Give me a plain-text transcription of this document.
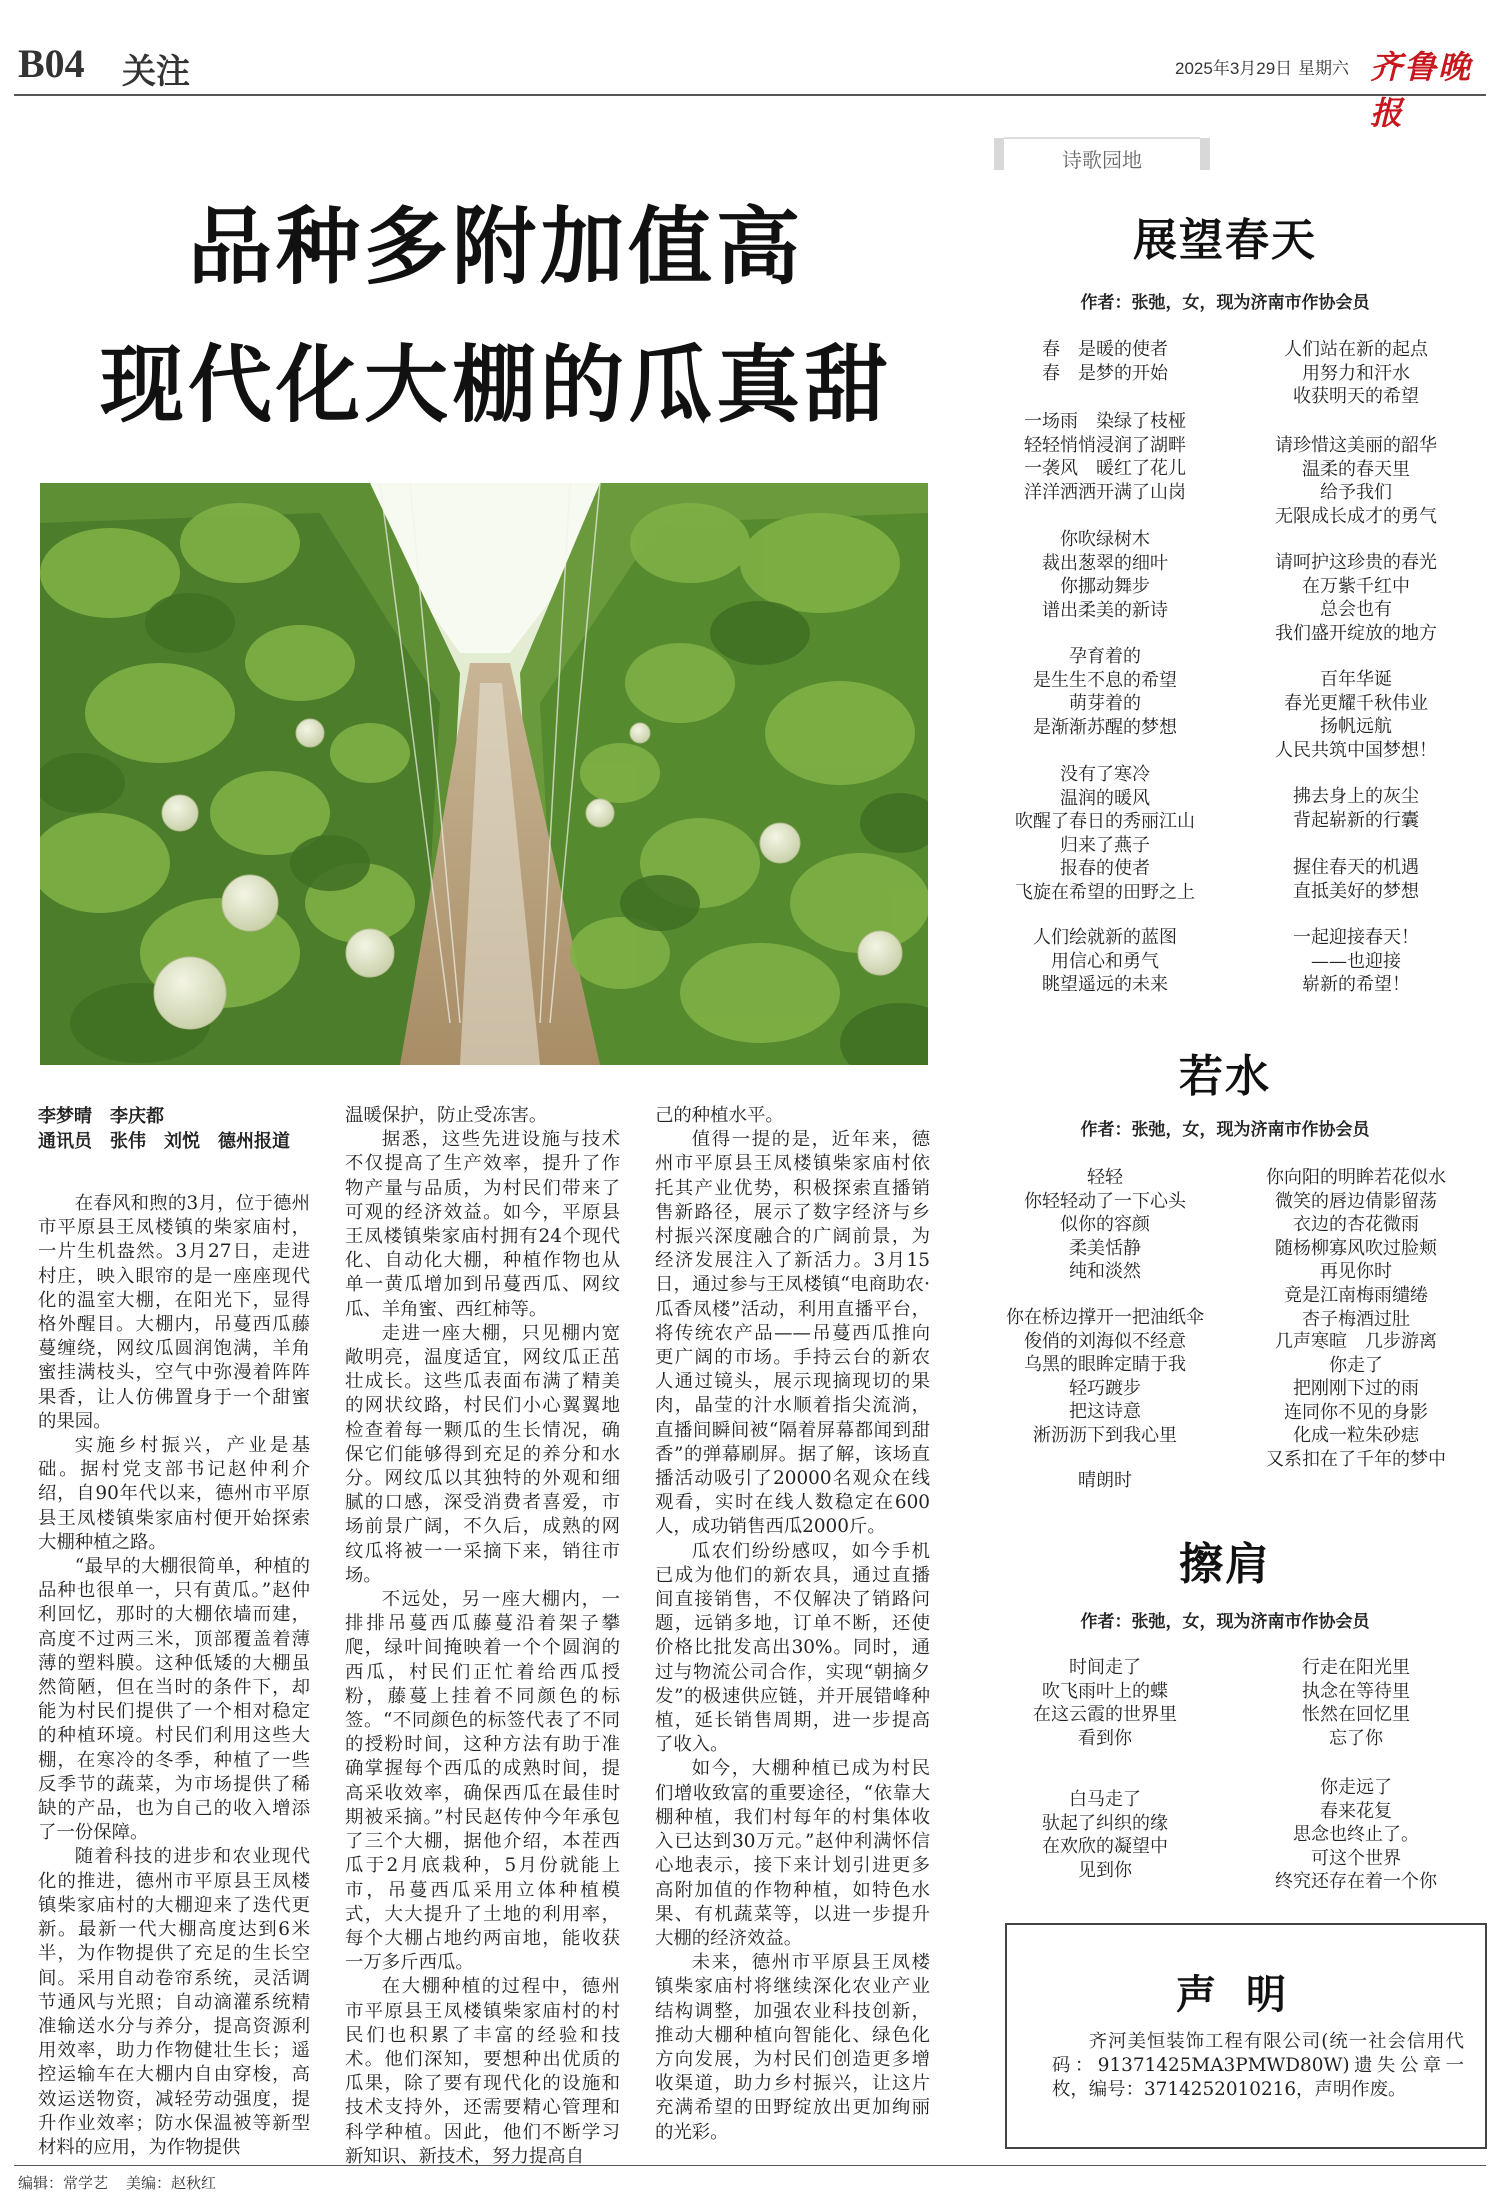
B04 关注	2025年3月29日 星期六 齐鲁晚报
品种多附加值高
现代化大棚的瓜真甜
李梦晴　李庆都
通讯员　张伟　刘悦　德州报道

在春风和煦的3月，位于德州市平原县王凤楼镇的柴家庙村，一片生机盎然。3月27日，走进村庄，映入眼帘的是一座座现代化的温室大棚，在阳光下，显得格外醒目。大棚内，吊蔓西瓜藤蔓缠绕，网纹瓜圆润饱满，羊角蜜挂满枝头，空气中弥漫着阵阵果香，让人仿佛置身于一个甜蜜的果园。

实施乡村振兴，产业是基础。据村党支部书记赵仲利介绍，自90年代以来，德州市平原县王凤楼镇柴家庙村便开始探索大棚种植之路。

“最早的大棚很简单，种植的品种也很单一，只有黄瓜。”赵仲利回忆，那时的大棚依墙而建，高度不过两三米，顶部覆盖着薄薄的塑料膜。这种低矮的大棚虽然简陋，但在当时的条件下，却能为村民们提供了一个相对稳定的种植环境。村民们利用这些大棚，在寒冷的冬季，种植了一些反季节的蔬菜，为市场提供了稀缺的产品，也为自己的收入增添了一份保障。

随着科技的进步和农业现代化的推进，德州市平原县王凤楼镇柴家庙村的大棚迎来了迭代更新。最新一代大棚高度达到6米半，为作物提供了充足的生长空间。采用自动卷帘系统，灵活调节通风与光照；自动滴灌系统精准输送水分与养分，提高资源利用效率，助力作物健壮生长；遥控运输车在大棚内自由穿梭，高效运送物资，减轻劳动强度，提升作业效率；防水保温被等新型材料的应用，为作物提供

温暖保护，防止受冻害。

据悉，这些先进设施与技术不仅提高了生产效率，提升了作物产量与品质，为村民们带来了可观的经济效益。如今，平原县王凤楼镇柴家庙村拥有24个现代化、自动化大棚，种植作物也从单一黄瓜增加到吊蔓西瓜、网纹瓜、羊角蜜、西红柿等。

走进一座大棚，只见棚内宽敞明亮，温度适宜，网纹瓜正茁壮成长。这些瓜表面布满了精美的网状纹路，村民们小心翼翼地检查着每一颗瓜的生长情况，确保它们能够得到充足的养分和水分。网纹瓜以其独特的外观和细腻的口感，深受消费者喜爱，市场前景广阔，不久后，成熟的网纹瓜将被一一采摘下来，销往市场。

不远处，另一座大棚内，一排排吊蔓西瓜藤蔓沿着架子攀爬，绿叶间掩映着一个个圆润的西瓜，村民们正忙着给西瓜授粉，藤蔓上挂着不同颜色的标签。“不同颜色的标签代表了不同的授粉时间，这种方法有助于准确掌握每个西瓜的成熟时间，提高采收效率，确保西瓜在最佳时期被采摘。”村民赵传仲今年承包了三个大棚，据他介绍，本茬西瓜于2月底栽种，5月份就能上市，吊蔓西瓜采用立体种植模式，大大提升了土地的利用率，每个大棚占地约两亩地，能收获一万多斤西瓜。

在大棚种植的过程中，德州市平原县王凤楼镇柴家庙村的村民们也积累了丰富的经验和技术。他们深知，要想种出优质的瓜果，除了要有现代化的设施和技术支持外，还需要精心管理和科学种植。因此，他们不断学习新知识、新技术，努力提高自

己的种植水平。

值得一提的是，近年来，德州市平原县王凤楼镇柴家庙村依托其产业优势，积极探索直播销售新路径，展示了数字经济与乡村振兴深度融合的广阔前景，为经济发展注入了新活力。3月15日，通过参与王凤楼镇“电商助农·瓜香凤楼”活动，利用直播平台，将传统农产品——吊蔓西瓜推向更广阔的市场。手持云台的新农人通过镜头，展示现摘现切的果肉，晶莹的汁水顺着指尖流淌，直播间瞬间被“隔着屏幕都闻到甜香”的弹幕刷屏。据了解，该场直播活动吸引了20000名观众在线观看，实时在线人数稳定在600人，成功销售西瓜2000斤。

瓜农们纷纷感叹，如今手机已成为他们的新农具，通过直播间直接销售，不仅解决了销路问题，远销多地，订单不断，还使价格比批发高出30%。同时，通过与物流公司合作，实现“朝摘夕发”的极速供应链，并开展错峰种植，延长销售周期，进一步提高了收入。

如今，大棚种植已成为村民们增收致富的重要途径，“依靠大棚种植，我们村每年的村集体收入已达到30万元。”赵仲利满怀信心地表示，接下来计划引进更多高附加值的作物种植，如特色水果、有机蔬菜等，以进一步提升大棚的经济效益。

未来，德州市平原县王凤楼镇柴家庙村将继续深化农业产业结构调整，加强农业科技创新，推动大棚种植向智能化、绿色化方向发展，为村民们创造更多增收渠道，助力乡村振兴，让这片充满希望的田野绽放出更加绚丽的光彩。

诗歌园地
展望春天
作者：张弛，女，现为济南市作协会员
春　是暖的使者
春　是梦的开始
一场雨　染绿了枝桠
轻轻悄悄浸润了湖畔
一袭风　暖红了花儿
洋洋洒洒开满了山岗
你吹绿树木
裁出葱翠的细叶
你挪动舞步
谱出柔美的新诗
孕育着的
是生生不息的希望
萌芽着的
是渐渐苏醒的梦想
没有了寒冷
温润的暖风
吹醒了春日的秀丽江山
归来了燕子
报春的使者
飞旋在希望的田野之上
人们绘就新的蓝图
用信心和勇气
眺望遥远的未来
人们站在新的起点
用努力和汗水
收获明天的希望
请珍惜这美丽的韶华
温柔的春天里
给予我们
无限成长成才的勇气
请呵护这珍贵的春光
在万紫千红中
总会也有
我们盛开绽放的地方
百年华诞
春光更耀千秋伟业
扬帆远航
人民共筑中国梦想！
拂去身上的灰尘
背起崭新的行囊
握住春天的机遇
直抵美好的梦想
一起迎接春天！
——也迎接
崭新的希望！
若水
作者：张弛，女，现为济南市作协会员
轻轻
你轻轻动了一下心头
似你的容颜
柔美恬静
纯和淡然
你在桥边撑开一把油纸伞
俊俏的刘海似不经意
乌黑的眼眸定睛于我
轻巧踱步
把这诗意
淅沥沥下到我心里
晴朗时
你向阳的明眸若花似水
微笑的唇边倩影留荡
衣边的杏花微雨
随杨柳寡风吹过脸颊
再见你时
竟是江南梅雨缱绻
杏子梅酒过肚
几声寒暄　几步游离
你走了
把刚刚下过的雨
连同你不见的身影
化成一粒朱砂痣
又系扣在了千年的梦中
擦肩
作者：张弛，女，现为济南市作协会员
时间走了
吹飞雨叶上的蝶
在这云霞的世界里
看到你
白马走了
驮起了纠织的缘
在欢欣的凝望中
见到你
行走在阳光里
执念在等待里
怅然在回忆里
忘了你
你走远了
春来花复
思念也终止了。
可这个世界
终究还存在着一个你
声明

齐河美恒装饰工程有限公司(统一社会信用代码：91371425MA3PMWD80W)遗失公章一枚，编号：3714252010216，声明作废。

编辑：常学艺 美编：赵秋红
